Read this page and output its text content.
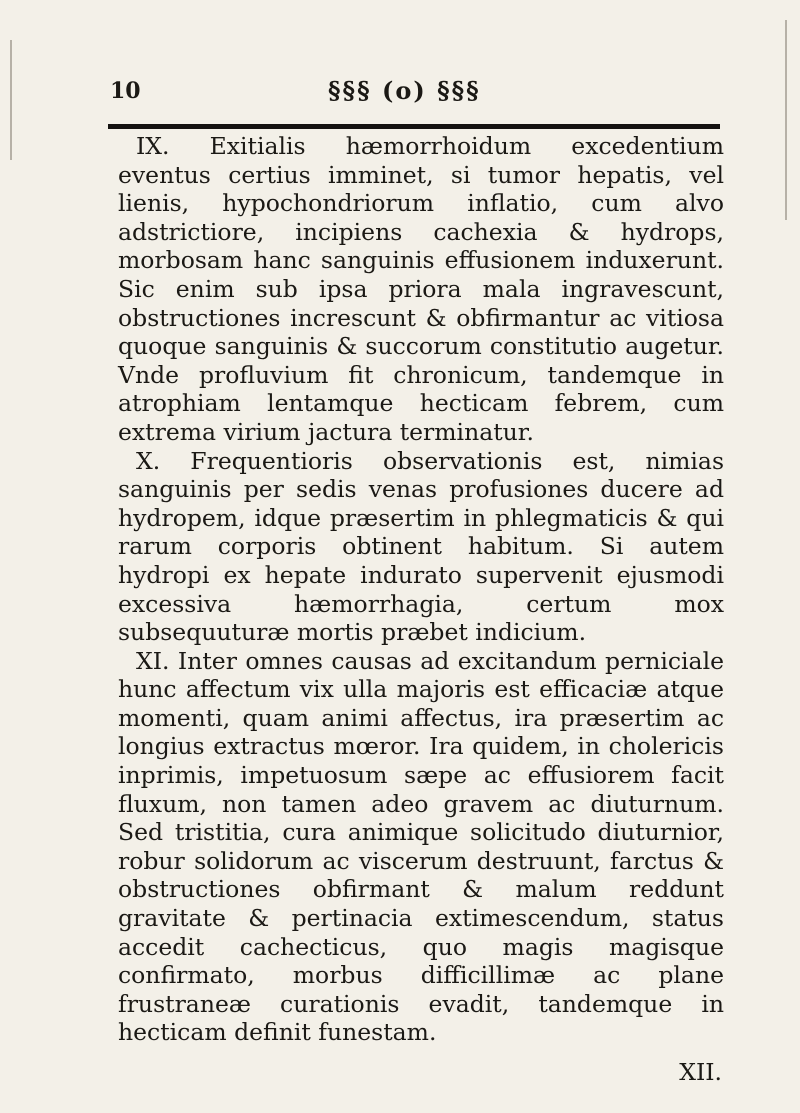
10	§§§ (o) §§§

IX. Exitialis hæmorrhoidum excedentium eventus certius imminet, si tumor hepatis, vel lienis, hypochondriorum inflatio, cum alvo adstrictiore, incipiens cachexia & hydrops, morbosam hanc sanguinis effusionem induxerunt. Sic enim sub ipsa priora mala ingravescunt, obstructiones increscunt & obfirmantur ac vitiosa quoque sanguinis & succorum constitutio augetur. Vnde profluvium fit chronicum, tandemque in atrophiam lentamque hecticam febrem, cum extrema virium jactura terminatur.

X. Frequentioris observationis est, nimias sanguinis per sedis venas profusiones ducere ad hydropem, idque præsertim in phlegmaticis & qui rarum corporis obtinent habitum. Si autem hydropi ex hepate indurato supervenit ejusmodi excessiva hæmorrhagia, certum mox subsequuturæ mortis præbet indicium.

XI. Inter omnes causas ad excitandum perniciale hunc affectum vix ulla majoris est efficaciæ atque momenti, quam animi affectus, ira præsertim ac longius extractus mœror. Ira quidem, in cholericis inprimis, impetuosum sæpe ac effusiorem facit fluxum, non tamen adeo gravem ac diuturnum. Sed tristitia, cura animique solicitudo diuturnior, robur solidorum ac viscerum destruunt, farctus & obstructiones obfirmant & malum reddunt gravitate & pertinacia extimescendum, status accedit cachecticus, quo magis magisque confirmato, morbus difficillimæ ac plane frustraneæ curationis evadit, tandemque in hecticam definit funestam.

XII.
